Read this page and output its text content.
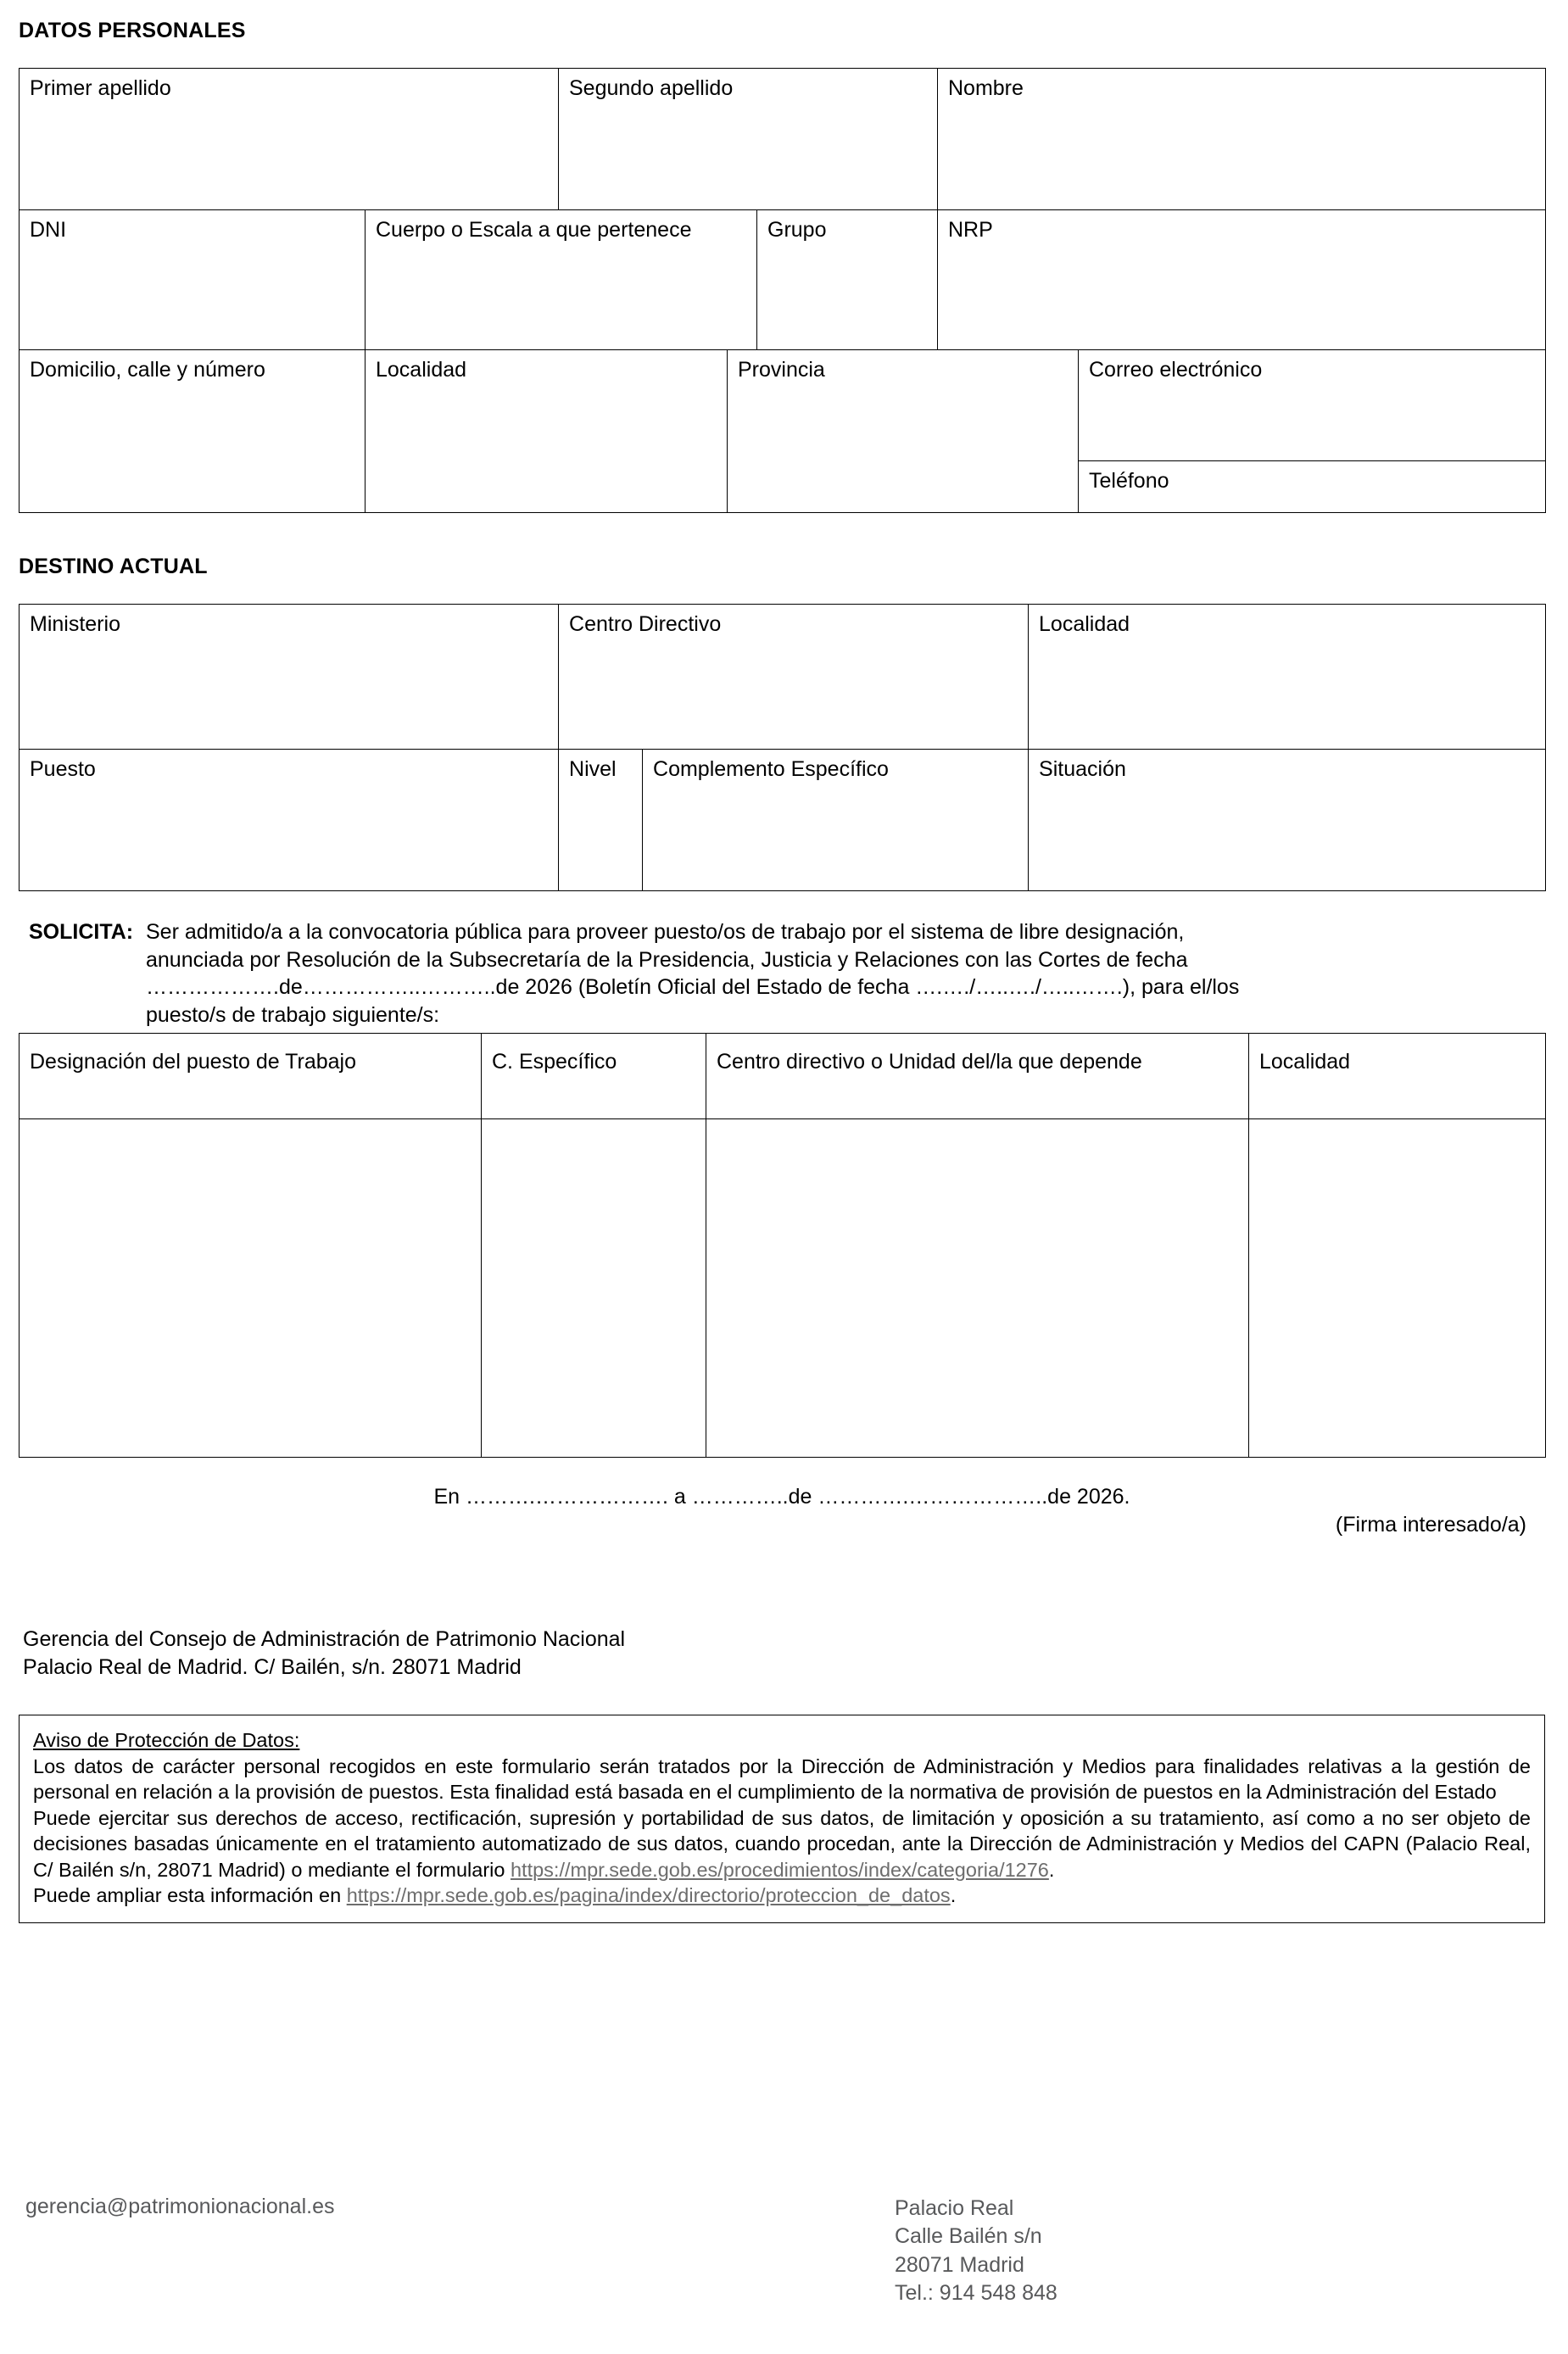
DATOS PERSONALES
Primer apellido		Segundo apellido			Nombre	
DNI	Cuerpo o Escala a que pertenece			Grupo	NRP	
Domicilio, calle y número	Localidad		Provincia			Correo electrónico
						Teléfono
DESTINO ACTUAL
Ministerio	Centro Directivo		Localidad
Puesto	Nivel	Complemento Específico	Situación
SOLICITA: Ser admitido/a a la convocatoria pública para proveer puesto/os de trabajo por el sistema de libre designación,
anunciada por Resolución de la Subsecretaría de la Presidencia, Justicia y Relaciones con las Cortes de fecha
……………….de……………..………..de 2026 (Boletín Oficial del Estado de fecha ….…./…..…./…..…….), para el/los
puesto/s de trabajo siguiente/s:
Designación del puesto de Trabajo	C. Específico	Centro directivo o Unidad del/la que depende	Localidad

En ……….………………. a …………..de ………….………………..de 2026.
(Firma interesado/a)
Gerencia del Consejo de Administración de Patrimonio Nacional
Palacio Real de Madrid. C/ Bailén, s/n. 28071 Madrid

Aviso de Protección de Datos:

Los datos de carácter personal recogidos en este formulario serán tratados por la Dirección de Administración y Medios para finalidades relativas a la gestión de personal en relación a la provisión de puestos. Esta finalidad está basada en el cumplimiento de la normativa de provisión de puestos en la Administración del Estado

Puede ejercitar sus derechos de acceso, rectificación, supresión y portabilidad de sus datos, de limitación y oposición a su tratamiento, así como a no ser objeto de decisiones basadas únicamente en el tratamiento automatizado de sus datos, cuando procedan, ante la Dirección de Administración y Medios del CAPN (Palacio Real, C/ Bailén s/n, 28071 Madrid) o mediante el formulario https://mpr.sede.gob.es/procedimientos/index/categoria/1276.

Puede ampliar esta información en https://mpr.sede.gob.es/pagina/index/directorio/proteccion_de_datos.

gerencia@patrimonionacional.es	Palacio Real
Calle Bailén s/n
28071 Madrid
Tel.: 914 548 848
